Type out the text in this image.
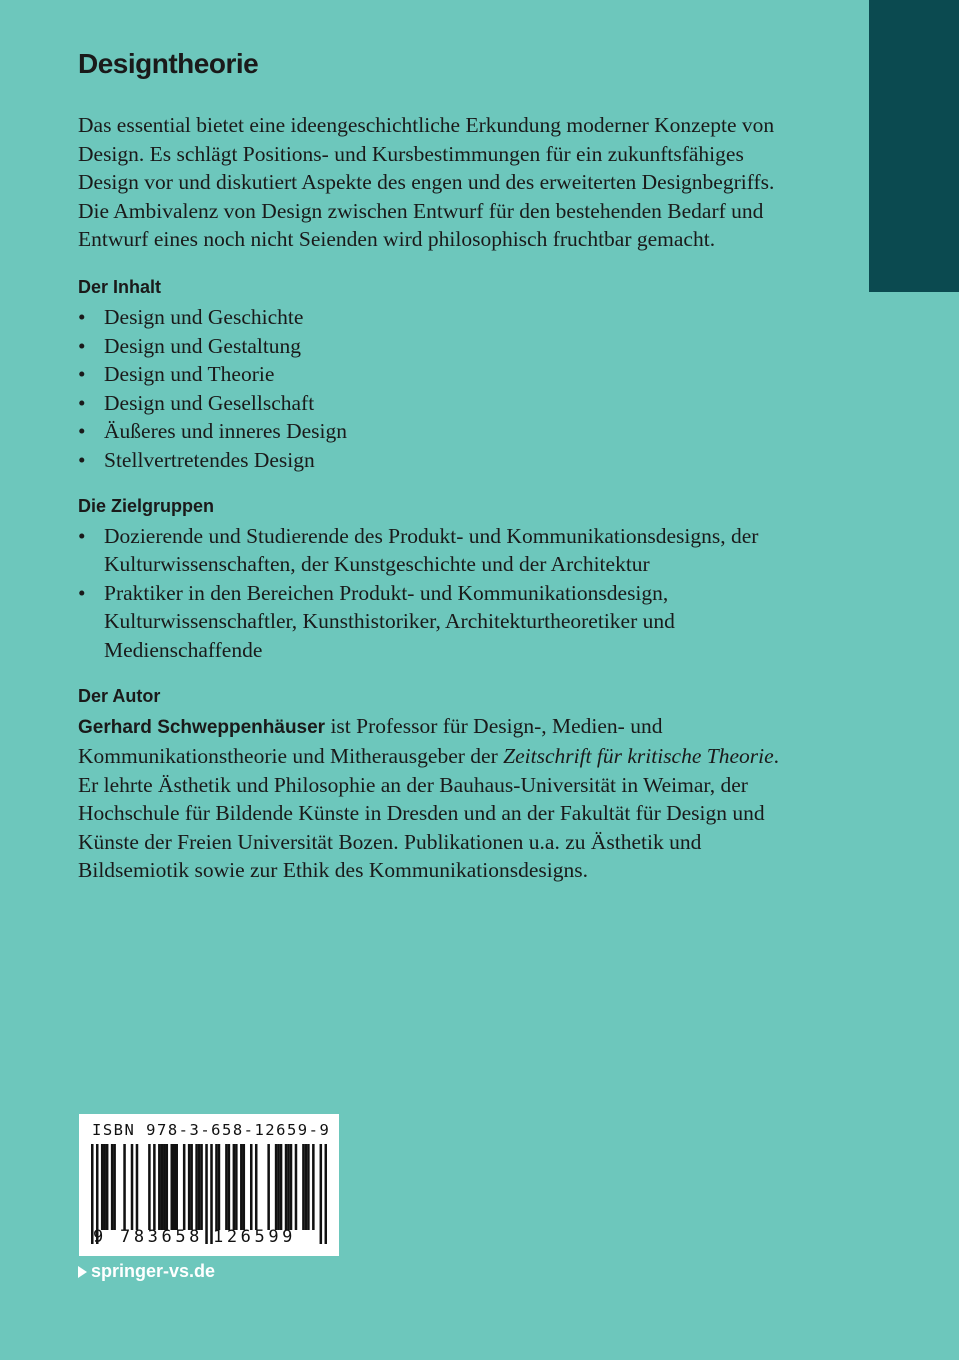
Designtheorie

Das essential bietet eine ideengeschichtliche Erkundung moderner Konzepte von Design. Es schlägt Positions- und Kursbestimmungen für ein zukunftsfähiges Design vor und diskutiert Aspekte des engen und des erweiterten Designbegriffs. Die Ambivalenz von Design zwischen Entwurf für den bestehenden Bedarf und Entwurf eines noch nicht Seienden wird philosophisch fruchtbar gemacht.

Der Inhalt
• Design und Geschichte
• Design und Gestaltung
• Design und Theorie
• Design und Gesellschaft
• Äußeres und inneres Design
• Stellvertretendes Design
Die Zielgruppen
• Dozierende und Studierende des Produkt- und Kommunikationsdesigns, der Kulturwissenschaften, der Kunstgeschichte und der Architektur
• Praktiker in den Bereichen Produkt- und Kommunikationsdesign, Kulturwissenschaftler, Kunsthistoriker, Architekturtheoretiker und Medienschaffende
Der Autor

Gerhard Schweppenhäuser ist Professor für Design-, Medien- und Kommunikationstheorie und Mitherausgeber der Zeitschrift für kritische Theorie. Er lehrte Ästhetik und Philosophie an der Bauhaus-Universität in Weimar, der Hochschule für Bildende Künste in Dresden und an der Fakultät für Design und Künste der Freien Universität Bozen. Publikationen u.a. zu Ästhetik und Bildsemiotik sowie zur Ethik des Kommunikationsdesigns.

ISBN 978-3-658-12659-9
9 783658 126599
springer-vs.de
